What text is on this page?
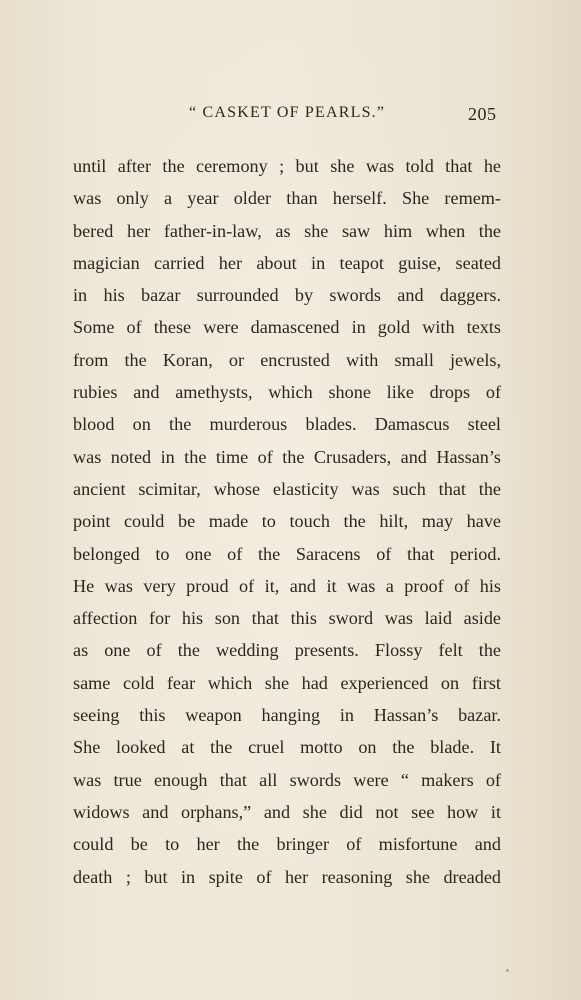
“ CASKET OF PEARLS.”	205
until after the ceremony ; but she was told that he
was only a year older than herself. She remem-
bered her father-in-law, as she saw him when the
magician carried her about in teapot guise, seated
in his bazar surrounded by swords and daggers.
Some of these were damascened in gold with texts
from the Koran, or encrusted with small jewels,
rubies and amethysts, which shone like drops of
blood on the murderous blades. Damascus steel
was noted in the time of the Crusaders, and Hassan’s
ancient scimitar, whose elasticity was such that the
point could be made to touch the hilt, may have
belonged to one of the Saracens of that period.
He was very proud of it, and it was a proof of his
affection for his son that this sword was laid aside
as one of the wedding presents. Flossy felt the
same cold fear which she had experienced on first
seeing this weapon hanging in Hassan’s bazar.
She looked at the cruel motto on the blade. It
was true enough that all swords were “ makers of
widows and orphans,” and she did not see how it
could be to her the bringer of misfortune and
death ; but in spite of her reasoning she dreaded
